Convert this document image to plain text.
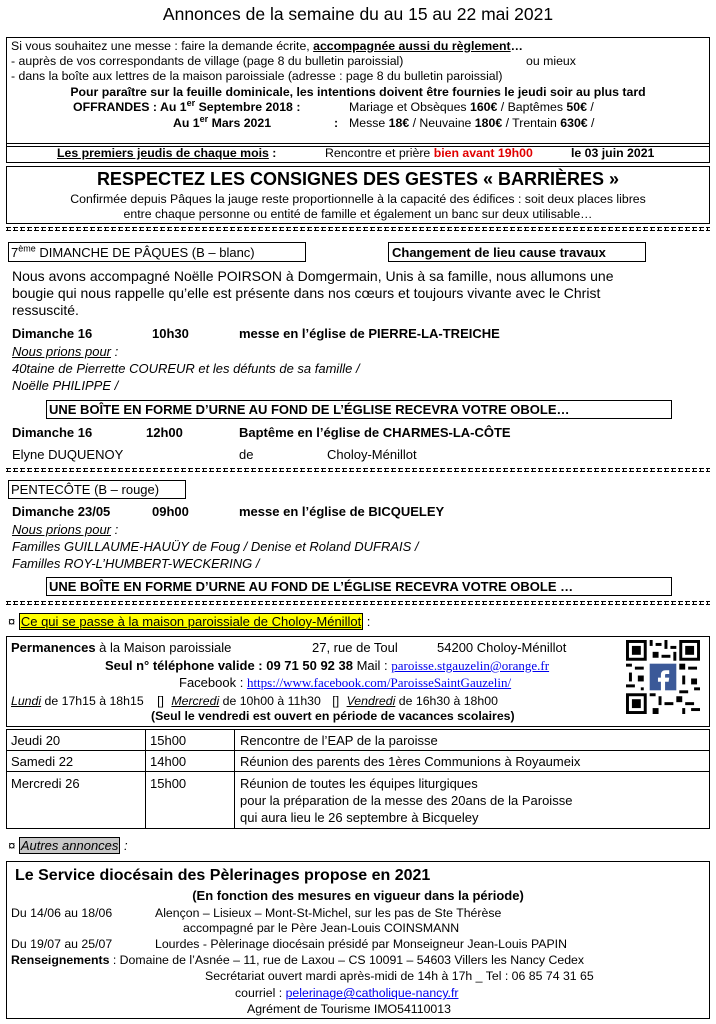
Annonces de la semaine du au 15 au 22 mai 2021
Si vous souhaitez une messe : faire la demande écrite, accompagnée aussi du règlement…
- auprès de vos correspondants de village (page 8 du bulletin paroissial)	ou mieux
- dans la boîte aux lettres de la maison paroissiale (adresse : page 8 du bulletin paroissial)
Pour paraître sur la feuille dominicale, les intentions doivent être fournies le jeudi soir au plus tard
OFFRANDES : Au 1er Septembre 2018 :	Mariage et Obsèques 160€ / Baptêmes 50€ /
Au 1er Mars 2021	: Messe 18€ / Neuvaine 180€ / Trentain 630€ /
Les premiers jeudis de chaque mois :	Rencontre et prière bien avant 19h00	le 03 juin 2021
RESPECTEZ LES CONSIGNES DES GESTES « BARRIÈRES »
Confirmée depuis Pâques la jauge reste proportionnelle à la capacité des édifices : soit deux places libres
entre chaque personne ou entité de famille et également un banc sur deux utilisable…
7ème DIMANCHE DE PÂQUES (B – blanc)	Changement de lieu cause travaux
Nous avons accompagné Noëlle POIRSON à Domgermain, Unis à sa famille, nous allumons une
bougie qui nous rappelle qu’elle est présente dans nos cœurs et toujours vivante avec le Christ
ressuscité.
Dimanche 16	10h30	messe en l’église de PIERRE-LA-TREICHE
Nous prions pour :
40taine de Pierrette COUREUR et les défunts de sa famille /
Noëlle PHILIPPE /
UNE BOÎTE EN FORME D’URNE AU FOND DE L’ÉGLISE RECEVRA VOTRE OBOLE…
Dimanche 16	12h00	Baptême en l’église de CHARMES-LA-CÔTE
Elyne DUQUENOY	de	Choloy-Ménillot
PENTECÔTE (B – rouge)
Dimanche 23/05	09h00	messe en l’église de BICQUELEY
Nous prions pour :
Familles GUILLAUME-HAUÜY de Foug / Denise et Roland DUFRAIS /
Familles ROY-L’HUMBERT-WECKERING /
UNE BOÎTE EN FORME D’URNE AU FOND DE L’ÉGLISE RECEVRA VOTRE OBOLE …
¤ Ce qui se passe à la maison paroissiale de Choloy-Ménillot :
Permanences à la Maison paroissiale	27, rue de Toul	54200 Choloy-Ménillot
Seul n° téléphone valide : 09 71 50 92 38 Mail : paroisse.stgauzelin@orange.fr
Facebook : https://www.facebook.com/ParoisseSaintGauzelin/
Lundi de 17h15 à 18h15 [] Mercredi de 10h00 à 11h30 [] Vendredi de 16h30 à 18h00
(Seul le vendredi est ouvert en période de vacances scolaires)
Jeudi 20	15h00	Rencontre de l’EAP de la paroisse
Samedi 22	14h00	Réunion des parents des 1ères Communions à Royaumeix
Mercredi 26	15h00	Réunion de toutes les équipes liturgiques
pour la préparation de la messe des 20ans de la Paroisse
qui aura lieu le 26 septembre à Bicqueley
¤ Autres annonces :
Le Service diocésain des Pèlerinages propose en 2021
(En fonction des mesures en vigueur dans la période)
Du 14/06 au 18/06	Alençon – Lisieux – Mont-St-Michel, sur les pas de Ste Thérèse
accompagné par le Père Jean-Louis COINSMANN
Du 19/07 au 25/07	Lourdes - Pèlerinage diocésain présidé par Monseigneur Jean-Louis PAPIN
Renseignements : Domaine de l’Asnée – 11, rue de Laxou – CS 10091 – 54603 Villers les Nancy Cedex
Secrétariat ouvert mardi après-midi de 14h à 17h _ Tel : 06 85 74 31 65
courriel : pelerinage@catholique-nancy.fr
Agrément de Tourisme IMO54110013
